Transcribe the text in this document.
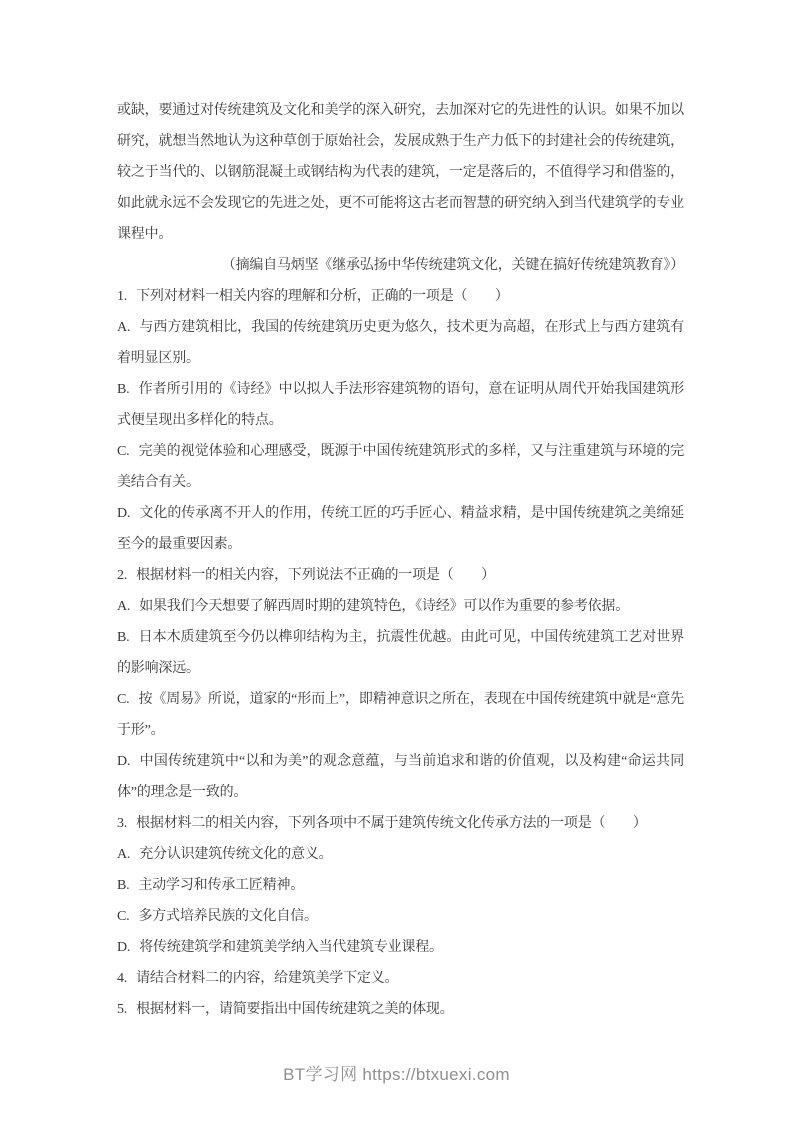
或缺，要通过对传统建筑及文化和美学的深入研究，去加深对它的先进性的认识。如果不加以研究，就想当然地认为这种草创于原始社会，发展成熟于生产力低下的封建社会的传统建筑，较之于当代的、以钢筋混凝土或钢结构为代表的建筑，一定是落后的，不值得学习和借鉴的，如此就永远不会发现它的先进之处，更不可能将这古老而智慧的研究纳入到当代建筑学的专业课程中。

（摘编自马炳坚《继承弘扬中华传统建筑文化，关键在搞好传统建筑教育》）

1. 下列对材料一相关内容的理解和分析，正确的一项是（　　）

A. 与西方建筑相比，我国的传统建筑历史更为悠久，技术更为高超，在形式上与西方建筑有着明显区别。

B. 作者所引用的《诗经》中以拟人手法形容建筑物的语句，意在证明从周代开始我国建筑形式便呈现出多样化的特点。

C. 完美的视觉体验和心理感受，既源于中国传统建筑形式的多样，又与注重建筑与环境的完美结合有关。

D. 文化的传承离不开人的作用，传统工匠的巧手匠心、精益求精，是中国传统建筑之美绵延至今的最重要因素。

2. 根据材料一的相关内容，下列说法不正确的一项是（　　）

A. 如果我们今天想要了解西周时期的建筑特色，《诗经》可以作为重要的参考依据。

B. 日本木质建筑至今仍以榫卯结构为主，抗震性优越。由此可见，中国传统建筑工艺对世界的影响深远。

C. 按《周易》所说，道家的“形而上”，即精神意识之所在，表现在中国传统建筑中就是“意先于形”。

D. 中国传统建筑中“以和为美”的观念意蕴，与当前追求和谐的价值观，以及构建“命运共同体”的理念是一致的。

3. 根据材料二的相关内容，下列各项中不属于建筑传统文化传承方法的一项是（　　）

A. 充分认识建筑传统文化的意义。

B. 主动学习和传承工匠精神。

C. 多方式培养民族的文化自信。

D. 将传统建筑学和建筑美学纳入当代建筑专业课程。

4. 请结合材料二的内容，给建筑美学下定义。

5. 根据材料一，请简要指出中国传统建筑之美的体现。

BT学习网 https://btxuexi.com
